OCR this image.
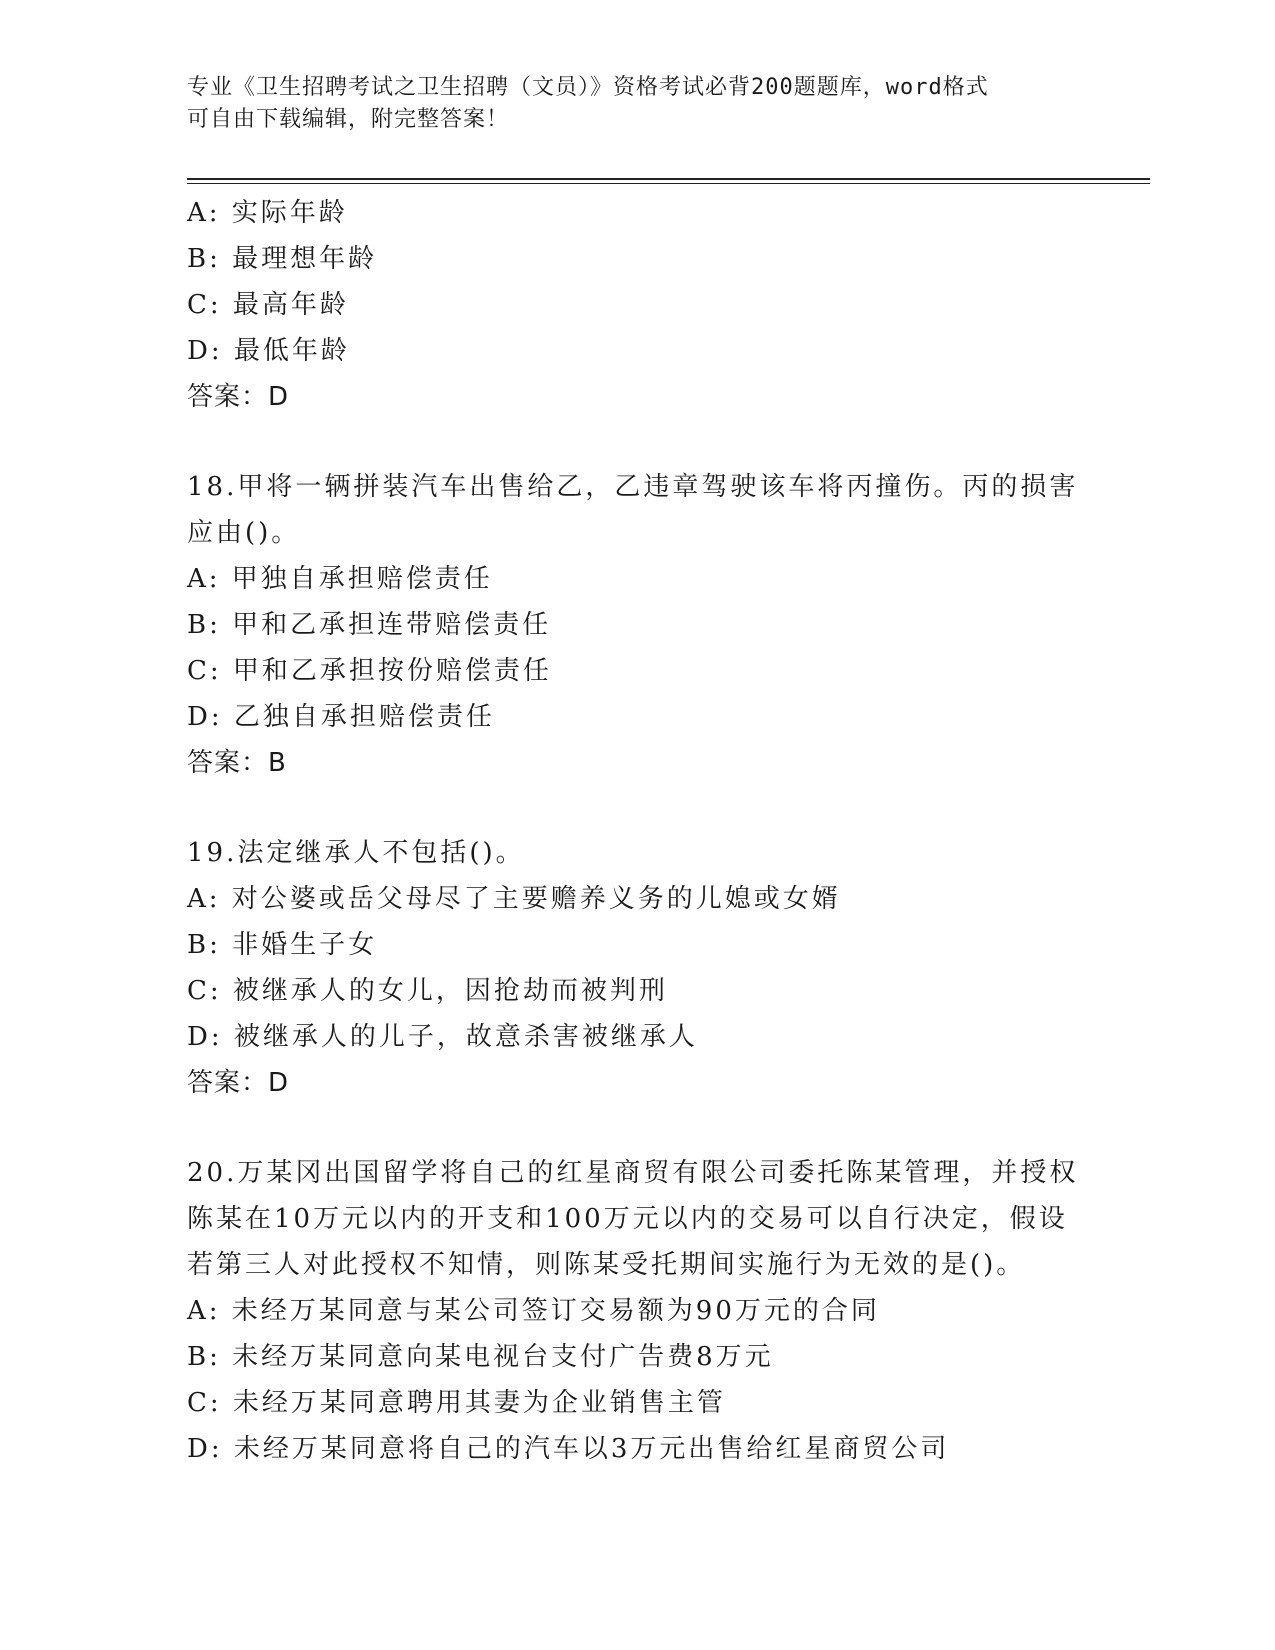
专业《卫生招聘考试之卫生招聘（文员）》资格考试必背200题题库，word格式
可自由下载编辑，附完整答案！
A: 实际年龄
B: 最理想年龄
C: 最高年龄
D: 最低年龄
答案：D
18.甲将一辆拼装汽车出售给乙，乙违章驾驶该车将丙撞伤。丙的损害
应由()。
A: 甲独自承担赔偿责任
B: 甲和乙承担连带赔偿责任
C: 甲和乙承担按份赔偿责任
D: 乙独自承担赔偿责任
答案：B
19.法定继承人不包括()。
A: 对公婆或岳父母尽了主要赡养义务的儿媳或女婿
B: 非婚生子女
C: 被继承人的女儿，因抢劫而被判刑
D: 被继承人的儿子，故意杀害被继承人
答案：D
20.万某冈出国留学将自己的红星商贸有限公司委托陈某管理，并授权
陈某在10万元以内的开支和100万元以内的交易可以自行决定，假设
若第三人对此授权不知情，则陈某受托期间实施行为无效的是()。
A: 未经万某同意与某公司签订交易额为90万元的合同
B: 未经万某同意向某电视台支付广告费8万元
C: 未经万某同意聘用其妻为企业销售主管
D: 未经万某同意将自己的汽车以3万元出售给红星商贸公司
